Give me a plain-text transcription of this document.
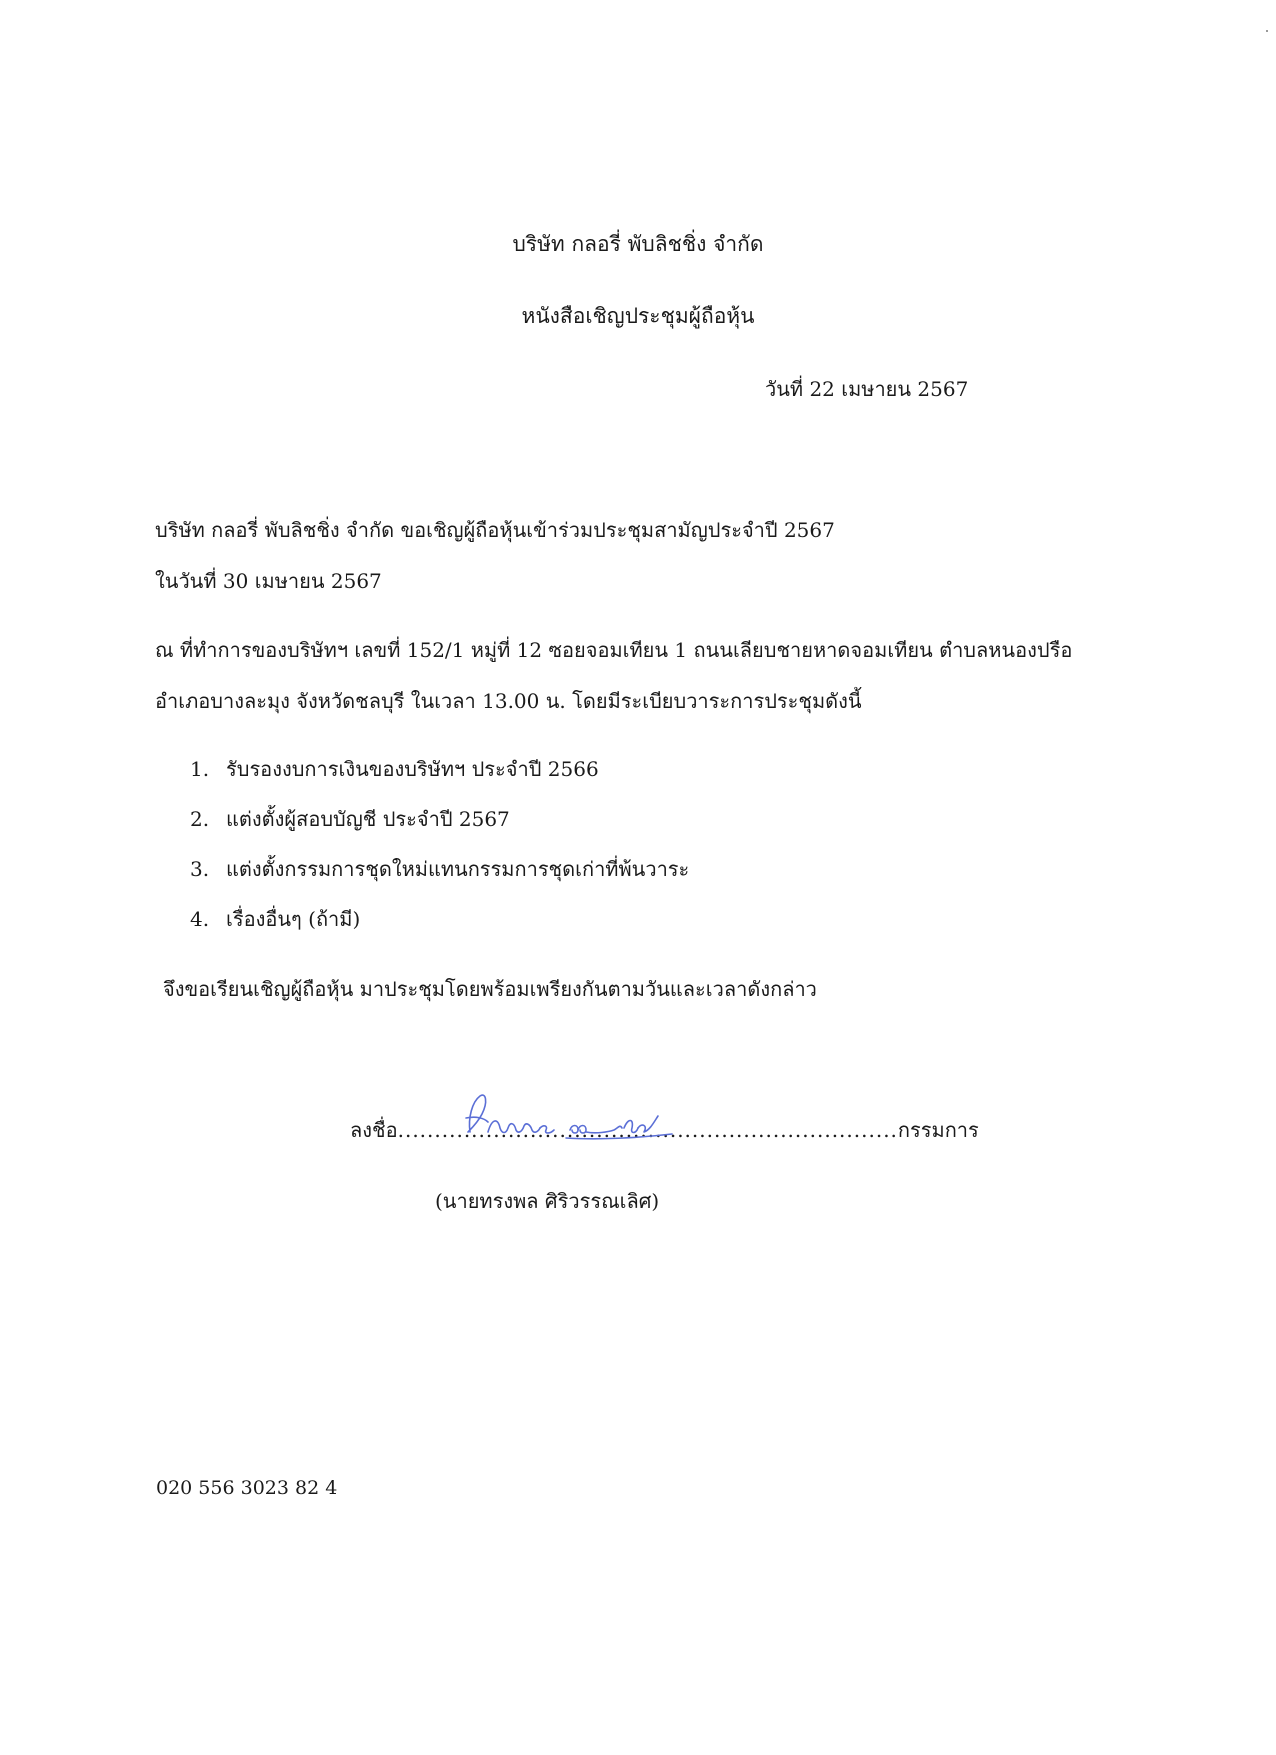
บริษัท กลอรี่ พับลิชชิ่ง จำกัด
หนังสือเชิญประชุมผู้ถือหุ้น
วันที่ 22 เมษายน 2567
บริษัท กลอรี่ พับลิชชิ่ง จำกัด ขอเชิญผู้ถือหุ้นเข้าร่วมประชุมสามัญประจำปี 2567
ในวันที่ 30 เมษายน 2567
ณ ที่ทำการของบริษัทฯ เลขที่ 152/1 หมู่ที่ 12 ซอยจอมเทียน 1 ถนนเลียบชายหาดจอมเทียน ตำบลหนองปรือ
อำเภอบางละมุง จังหวัดชลบุรี ในเวลา 13.00 น. โดยมีระเบียบวาระการประชุมดังนี้
1. รับรองงบการเงินของบริษัทฯ ประจำปี 2566
2. แต่งตั้งผู้สอบบัญชี ประจำปี 2567
3. แต่งตั้งกรรมการชุดใหม่แทนกรรมการชุดเก่าที่พ้นวาระ
4. เรื่องอื่นๆ (ถ้ามี)
จึงขอเรียนเชิญผู้ถือหุ้น มาประชุมโดยพร้อมเพรียงกันตามวันและเวลาดังกล่าว
ลงชื่อ....................................................................กรรมการ
(นายทรงพล ศิริวรรณเลิศ)
020 556 3023 82 4
